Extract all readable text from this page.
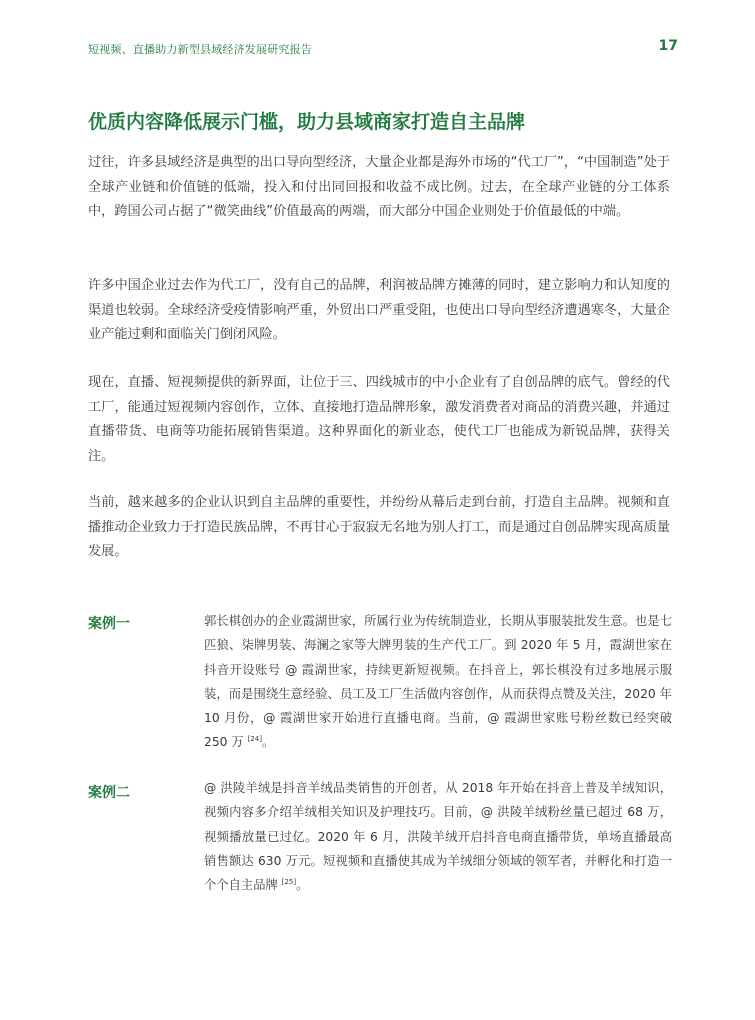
短视频、直播助力新型县域经济发展研究报告	17
优质内容降低展示门槛，助力县域商家打造自主品牌

过往，许多县域经济是典型的出口导向型经济，大量企业都是海外市场的“代工厂”，“中国制造”处于全球产业链和价值链的低端，投入和付出同回报和收益不成比例。过去，在全球产业链的分工体系中，跨国公司占据了“微笑曲线”价值最高的两端，而大部分中国企业则处于价值最低的中端。

许多中国企业过去作为代工厂，没有自己的品牌，利润被品牌方摊薄的同时，建立影响力和认知度的渠道也较弱。全球经济受疫情影响严重，外贸出口严重受阻，也使出口导向型经济遭遇寒冬，大量企业产能过剩和面临关门倒闭风险。

现在，直播、短视频提供的新界面，让位于三、四线城市的中小企业有了自创品牌的底气。曾经的代工厂，能通过短视频内容创作，立体、直接地打造品牌形象，激发消费者对商品的消费兴趣，并通过直播带货、电商等功能拓展销售渠道。这种界面化的新业态，使代工厂也能成为新锐品牌，获得关注。

当前，越来越多的企业认识到自主品牌的重要性，并纷纷从幕后走到台前，打造自主品牌。视频和直播推动企业致力于打造民族品牌，不再甘心于寂寂无名地为别人打工，而是通过自创品牌实现高质量发展。

案例一	郭长棋创办的企业霞湖世家，所属行业为传统制造业，长期从事服装批发生意。也是七匹狼、柒牌男装、海澜之家等大牌男装的生产代工厂。到 2020 年 5 月，霞湖世家在抖音开设账号 @ 霞湖世家，持续更新短视频。在抖音上，郭长棋没有过多地展示服装，而是围绕生意经验、员工及工厂生活做内容创作，从而获得点赞及关注，2020 年 10 月份，@ 霞湖世家开始进行直播电商。当前，@ 霞湖世家账号粉丝数已经突破 250 万 [24]。

案例二	@ 洪陵羊绒是抖音羊绒品类销售的开创者，从 2018 年开始在抖音上普及羊绒知识，视频内容多介绍羊绒相关知识及护理技巧。目前，@ 洪陵羊绒粉丝量已超过 68 万，视频播放量已过亿。2020 年 6 月，洪陵羊绒开启抖音电商直播带货，单场直播最高销售额达 630 万元。短视频和直播使其成为羊绒细分领域的领军者，并孵化和打造一个个自主品牌 [25]。
